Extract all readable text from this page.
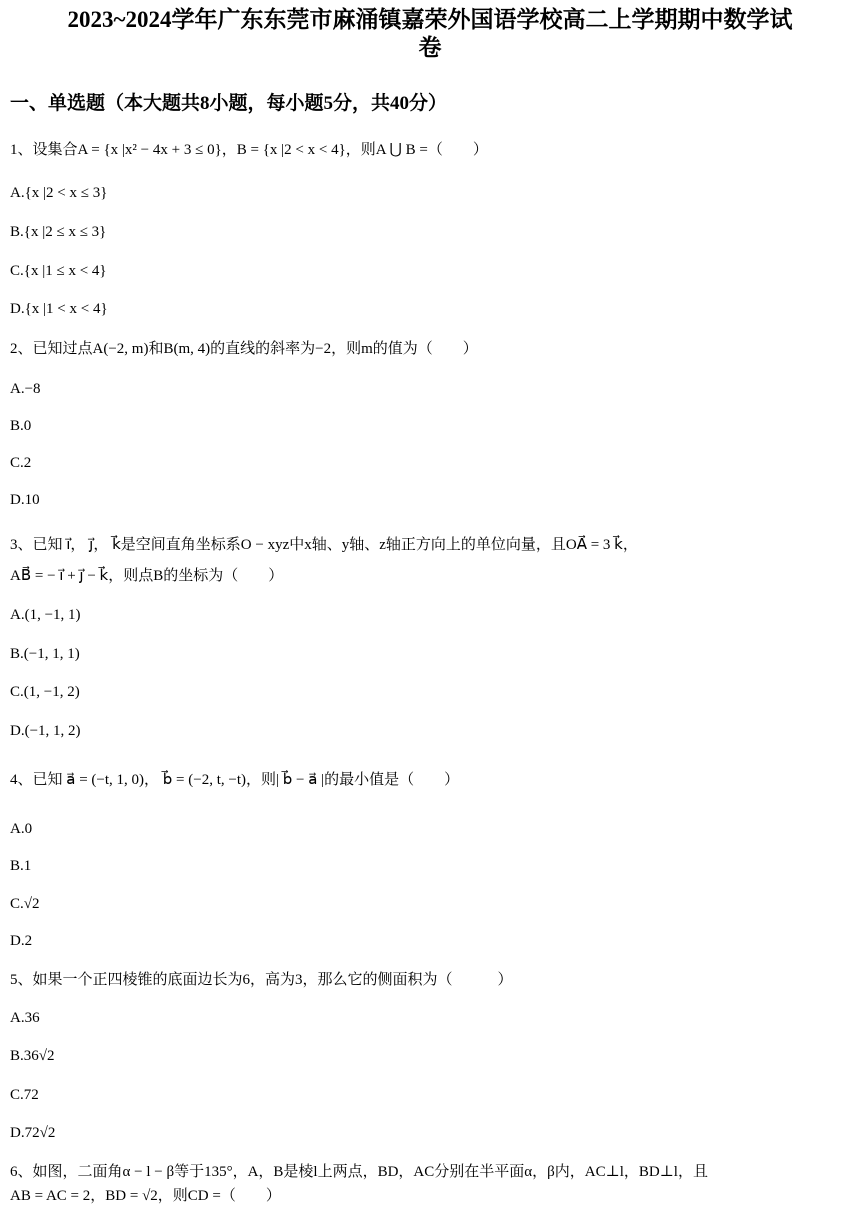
2023~2024学年广东东莞市麻涌镇嘉荣外国语学校高二上学期期中数学试
卷
一、单选题（本大题共8小题，每小题5分，共40分）
1、设集合A = {x |x² − 4x + 3 ≤ 0}，B = {x |2 < x < 4}，则A ⋃ B =（　　）
A.{x |2 < x ≤ 3}
B.{x |2 ≤ x ≤ 3}
C.{x |1 ≤ x < 4}
D.{x |1 < x < 4}
2、已知过点A(−2, m)和B(m, 4)的直线的斜率为−2，则m的值为（　　）
A.−8
B.0
C.2
D.10
3、已知 i⃗， j⃗， k⃗是空间直角坐标系O − xyz中x轴、y轴、z轴正方向上的单位向量，且OA⃗ = 3 k⃗，
AB⃗ = − i⃗ + j⃗ − k⃗，则点B的坐标为（　　）
A.(1, −1, 1)
B.(−1, 1, 1)
C.(1, −1, 2)
D.(−1, 1, 2)
4、已知 a⃗ = (−t, 1, 0)， b⃗ = (−2, t, −t)，则| b⃗ − a⃗ |的最小值是（　　）
A.0
B.1
C.√2
D.2
5、如果一个正四棱锥的底面边长为6，高为3，那么它的侧面积为（　　　）
A.36
B.36√2
C.72
D.72√2
6、如图，二面角α − l − β等于135°，A，B是棱l上两点，BD，AC分别在半平面α，β内，AC⊥l，BD⊥l，且
AB = AC = 2，BD = √2，则CD =（　　）
